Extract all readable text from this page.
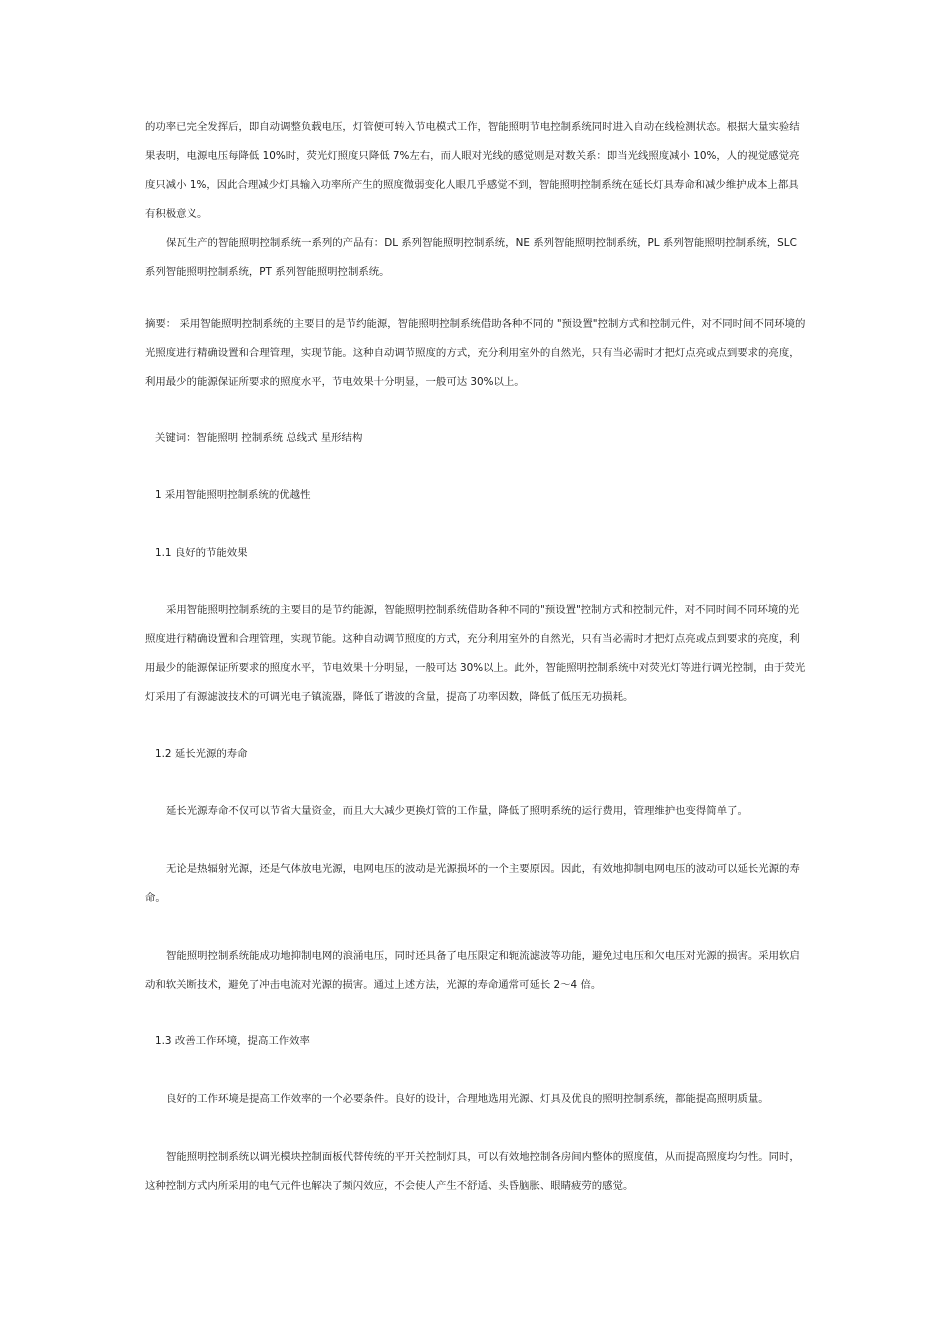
的功率已完全发挥后，即自动调整负载电压，灯管便可转入节电模式工作，智能照明节电控制系统同时进入自动在线检测状态。根据大量实验结果表明，电源电压每降低 10%时，荧光灯照度只降低 7%左右，而人眼对光线的感觉则是对数关系：即当光线照度减小 10%，人的视觉感觉亮度只减小 1%，因此合理减少灯具输入功率所产生的照度微弱变化人眼几乎感觉不到，智能照明控制系统在延长灯具寿命和减少维护成本上都具有积极意义。

保瓦生产的智能照明控制系统一系列的产品有：DL 系列智能照明控制系统，NE 系列智能照明控制系统，PL 系列智能照明控制系统，SLC 系列智能照明控制系统，PT 系列智能照明控制系统。

摘要： 采用智能照明控制系统的主要目的是节约能源，智能照明控制系统借助各种不同的 "预设置"控制方式和控制元件，对不同时间不同环境的光照度进行精确设置和合理管理，实现节能。这种自动调节照度的方式，充分利用室外的自然光，只有当必需时才把灯点亮或点到要求的亮度，利用最少的能源保证所要求的照度水平，节电效果十分明显，一般可达 30%以上。

关键词：智能照明 控制系统 总线式 星形结构

1 采用智能照明控制系统的优越性

1.1 良好的节能效果

采用智能照明控制系统的主要目的是节约能源，智能照明控制系统借助各种不同的"预设置"控制方式和控制元件，对不同时间不同环境的光照度进行精确设置和合理管理，实现节能。这种自动调节照度的方式，充分利用室外的自然光，只有当必需时才把灯点亮或点到要求的亮度，利用最少的能源保证所要求的照度水平，节电效果十分明显，一般可达 30%以上。此外，智能照明控制系统中对荧光灯等进行调光控制，由于荧光灯采用了有源滤波技术的可调光电子镇流器，降低了谐波的含量，提高了功率因数，降低了低压无功损耗。

1.2 延长光源的寿命

延长光源寿命不仅可以节省大量资金，而且大大减少更换灯管的工作量，降低了照明系统的运行费用，管理维护也变得简单了。

无论是热辐射光源，还是气体放电光源，电网电压的波动是光源损坏的一个主要原因。因此，有效地抑制电网电压的波动可以延长光源的寿命。

智能照明控制系统能成功地抑制电网的浪涌电压，同时还具备了电压限定和轭流滤波等功能，避免过电压和欠电压对光源的损害。采用软启动和软关断技术，避免了冲击电流对光源的损害。通过上述方法，光源的寿命通常可延长 2～4 倍。

1.3 改善工作环境，提高工作效率

良好的工作环境是提高工作效率的一个必要条件。良好的设计，合理地选用光源、灯具及优良的照明控制系统，都能提高照明质量。

智能照明控制系统以调光模块控制面板代替传统的平开关控制灯具，可以有效地控制各房间内整体的照度值，从而提高照度均匀性。同时，这种控制方式内所采用的电气元件也解决了频闪效应，不会使人产生不舒适、头昏脑胀、眼睛疲劳的感觉。
